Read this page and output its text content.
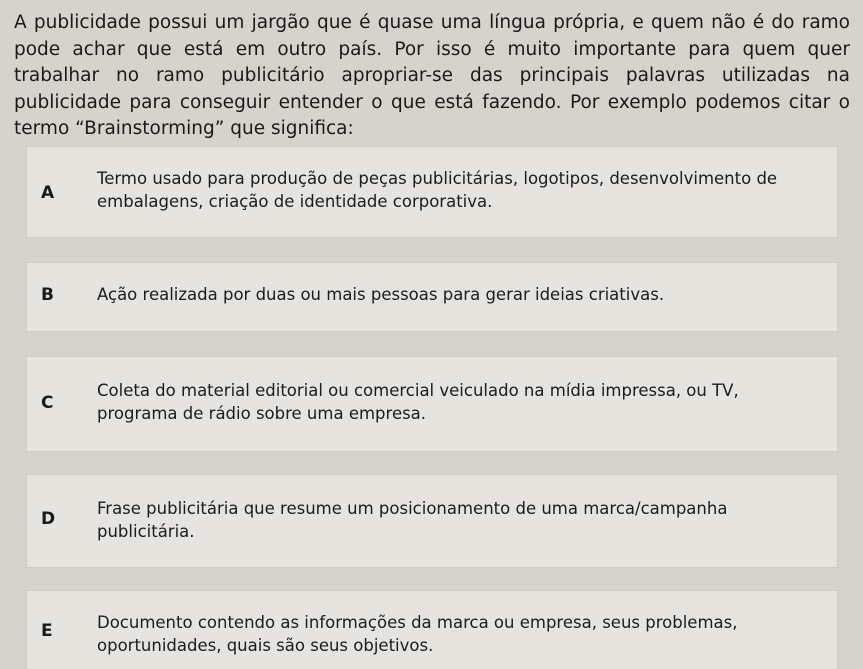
A publicidade possui um jargão que é quase uma língua própria, e quem não é do ramo pode achar que está em outro país. Por isso é muito importante para quem quer trabalhar no ramo publicitário apropriar-se das principais palavras utilizadas na publicidade para conseguir entender o que está fazendo. Por exemplo podemos citar o termo “Brainstorming” que significa:
A
Termo usado para produção de peças publicitárias, logotipos, desenvolvimento de embalagens, criação de identidade corporativa.
B	Ação realizada por duas ou mais pessoas para gerar ideias criativas.
C
Coleta do material editorial ou comercial veiculado na mídia impressa, ou TV, programa de rádio sobre uma empresa.
D
Frase publicitária que resume um posicionamento de uma marca/campanha publicitária.
E	Documento contendo as informações da marca ou empresa, seus problemas, oportunidades, quais são seus objetivos.
